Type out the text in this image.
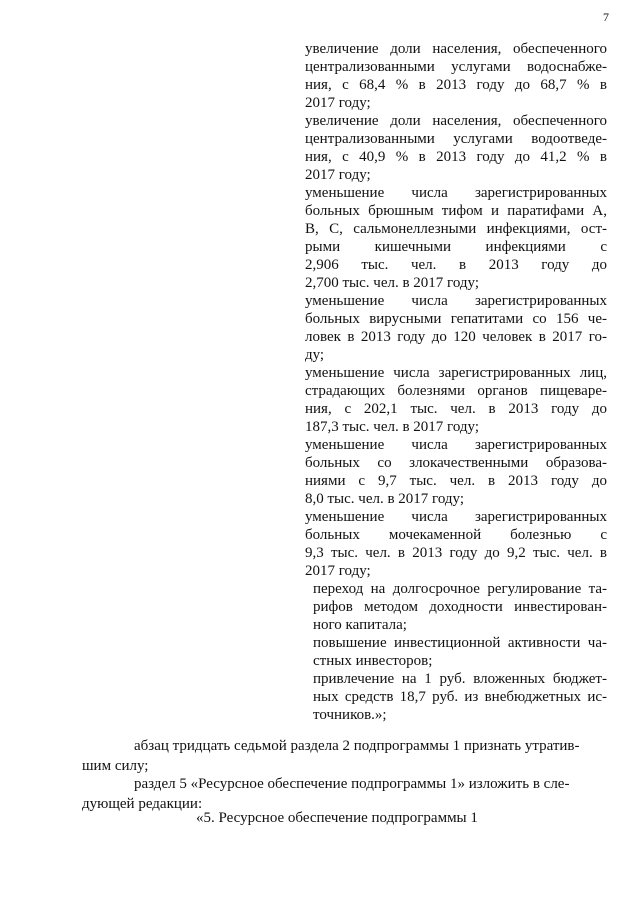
7
увеличение доли населения, обеспеченного
централизованными услугами водоснабже-
ния, с 68,4 % в 2013 году до 68,7 % в
2017 году;
увеличение доли населения, обеспеченного
централизованными услугами водоотведе-
ния, с 40,9 % в 2013 году до 41,2 % в
2017 году;
уменьшение числа зарегистрированных
больных брюшным тифом и паратифами А,
В, С, сальмонеллезными инфекциями, ост-
рыми кишечными инфекциями с
2,906 тыс. чел. в 2013 году до
2,700 тыс. чел. в 2017 году;
уменьшение числа зарегистрированных
больных вирусными гепатитами со 156 че-
ловек в 2013 году до 120 человек в 2017 го-
ду;
уменьшение числа зарегистрированных лиц,
страдающих болезнями органов пищеваре-
ния, с 202,1 тыс. чел. в 2013 году до
187,3 тыс. чел. в 2017 году;
уменьшение числа зарегистрированных
больных со злокачественными образова-
ниями с 9,7 тыс. чел. в 2013 году до
8,0 тыс. чел. в 2017 году;
уменьшение числа зарегистрированных
больных мочекаменной болезнью с
9,3 тыс. чел. в 2013 году до 9,2 тыс. чел. в
2017 году;
переход на долгосрочное регулирование та-
рифов методом доходности инвестирован-
ного капитала;
повышение инвестиционной активности ча-
стных инвесторов;
привлечение на 1 руб. вложенных бюджет-
ных средств 18,7 руб. из внебюджетных ис-
точников.»;
абзац тридцать седьмой раздела 2 подпрограммы 1 признать утратив-
шим силу;
раздел 5 «Ресурсное обеспечение подпрограммы 1» изложить в сле-
дующей редакции:
«5. Ресурсное обеспечение подпрограммы 1
